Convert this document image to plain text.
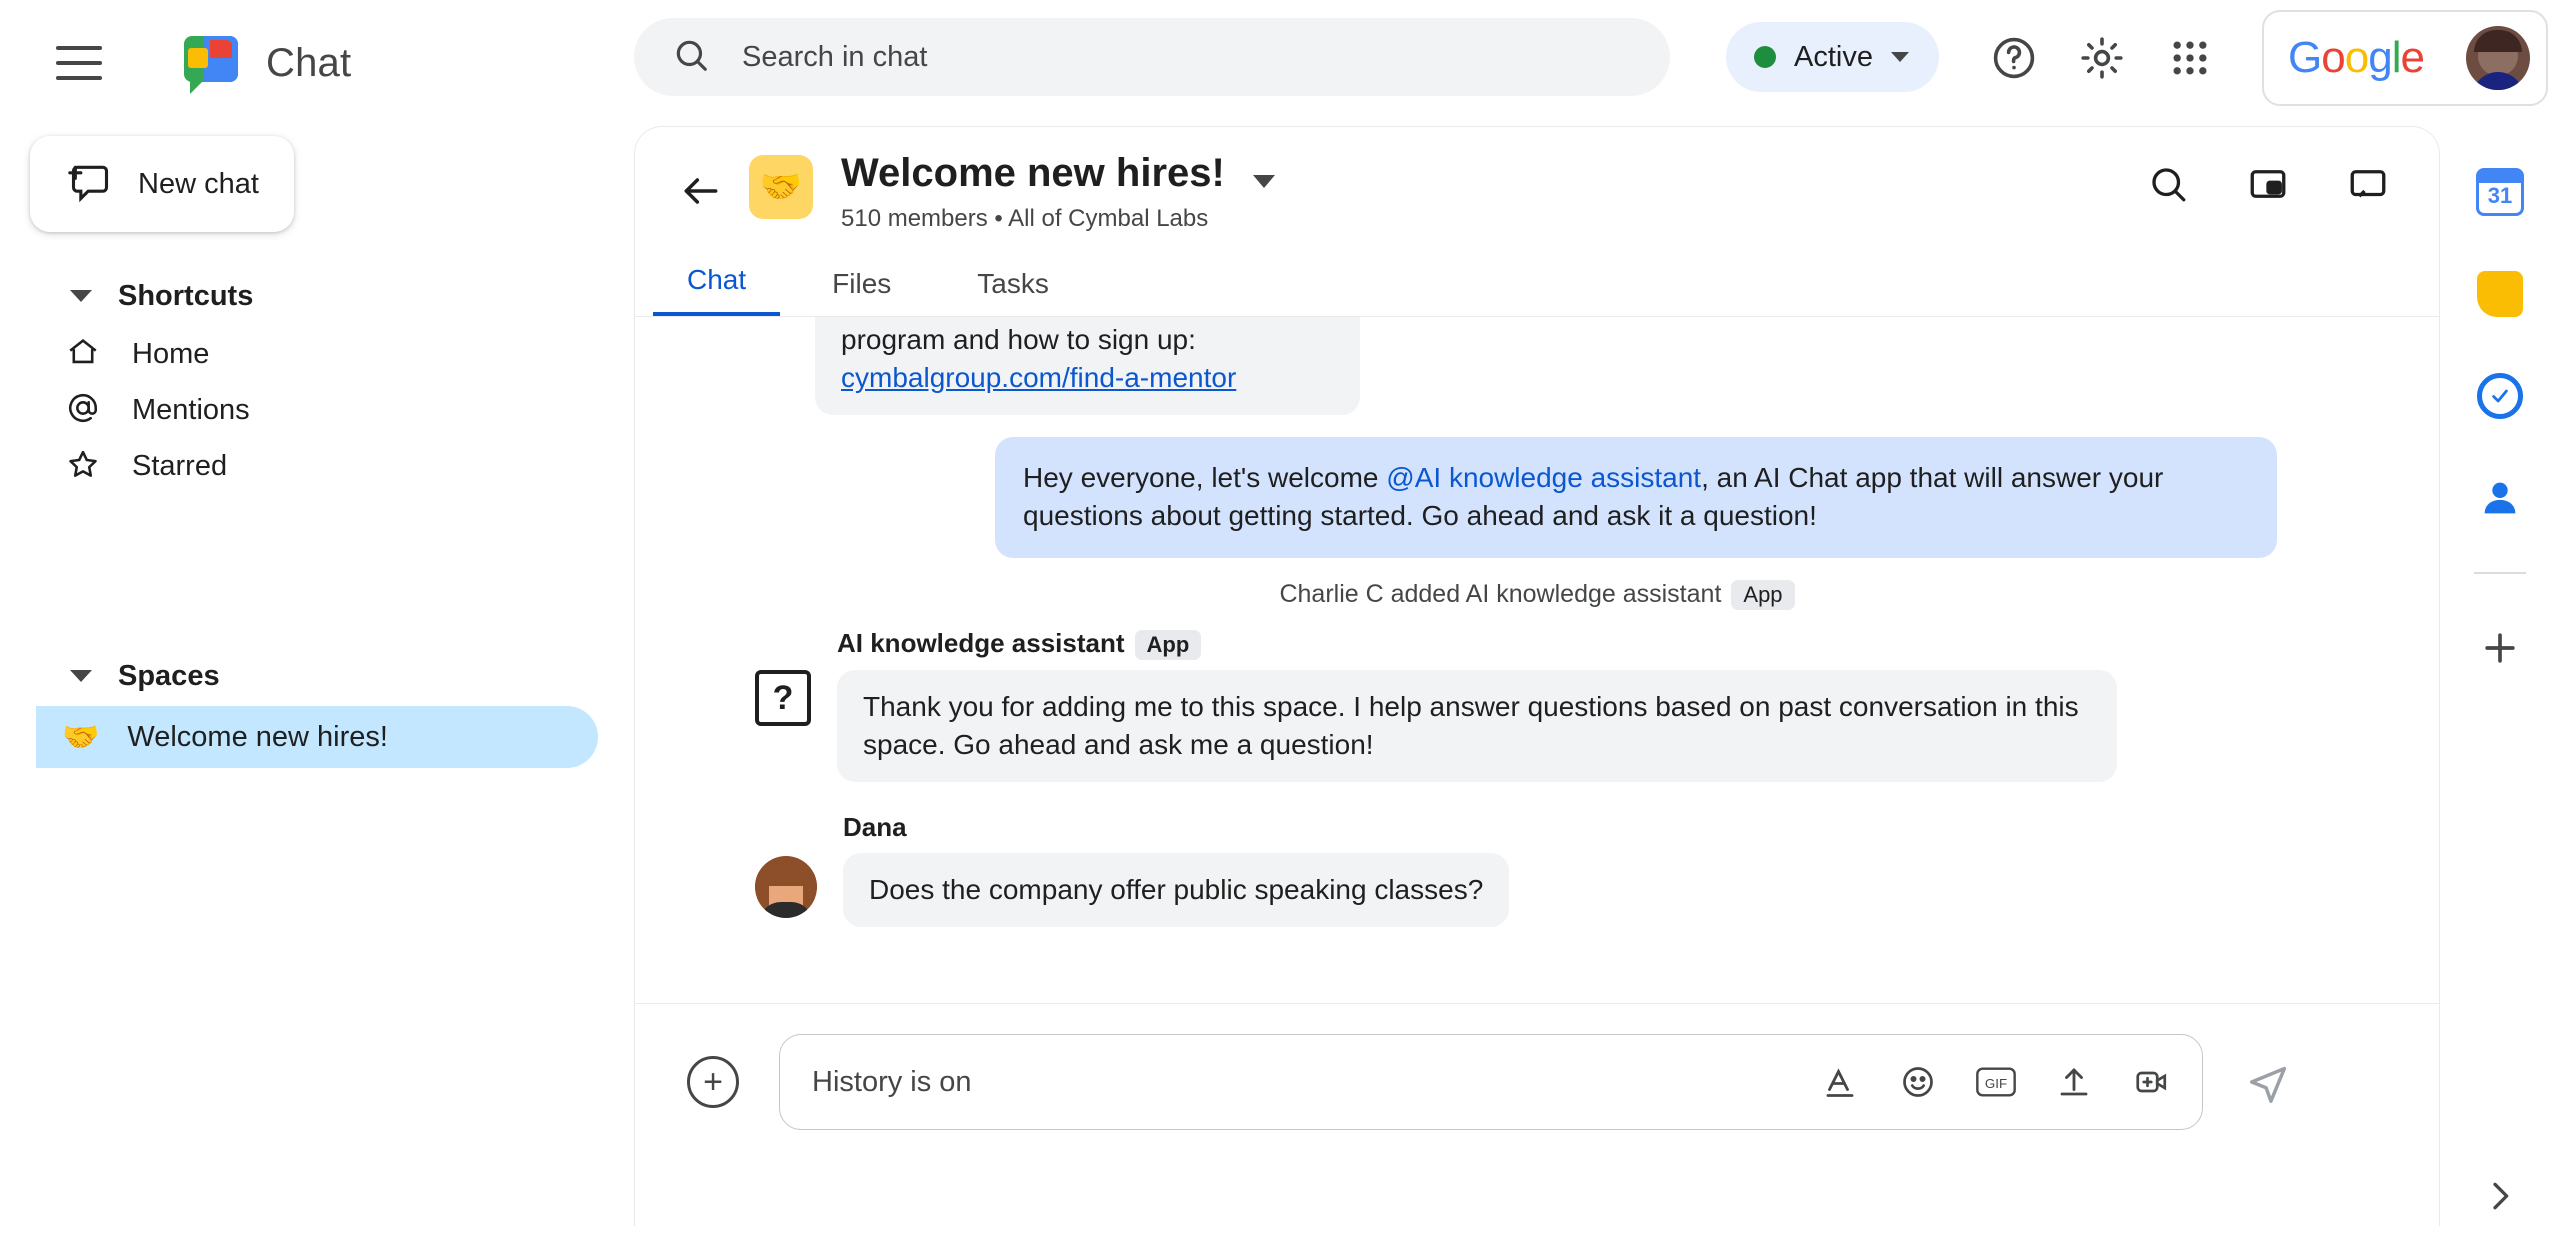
Chat
Search in chat	Active	Google
New chat
Shortcuts
Home
Mentions
Starred
Spaces
🤝 Welcome new hires!
🤝 Welcome new hires!
510 members • All of Cymbal Labs
Chat	Files	Tasks
program and how to sign up:
cymbalgroup.com/find-a-mentor
Hey everyone, let's welcome @AI knowledge assistant, an AI Chat app that will answer your questions about getting started. Go ahead and ask it a question!
Charlie C added AI knowledge assistant App
?
AI knowledge assistant App
Thank you for adding me to this space. I help answer questions based on past conversation in this space. Go ahead and ask me a question!
Dana
Does the company offer public speaking classes?
+
History is on	GIF
31
